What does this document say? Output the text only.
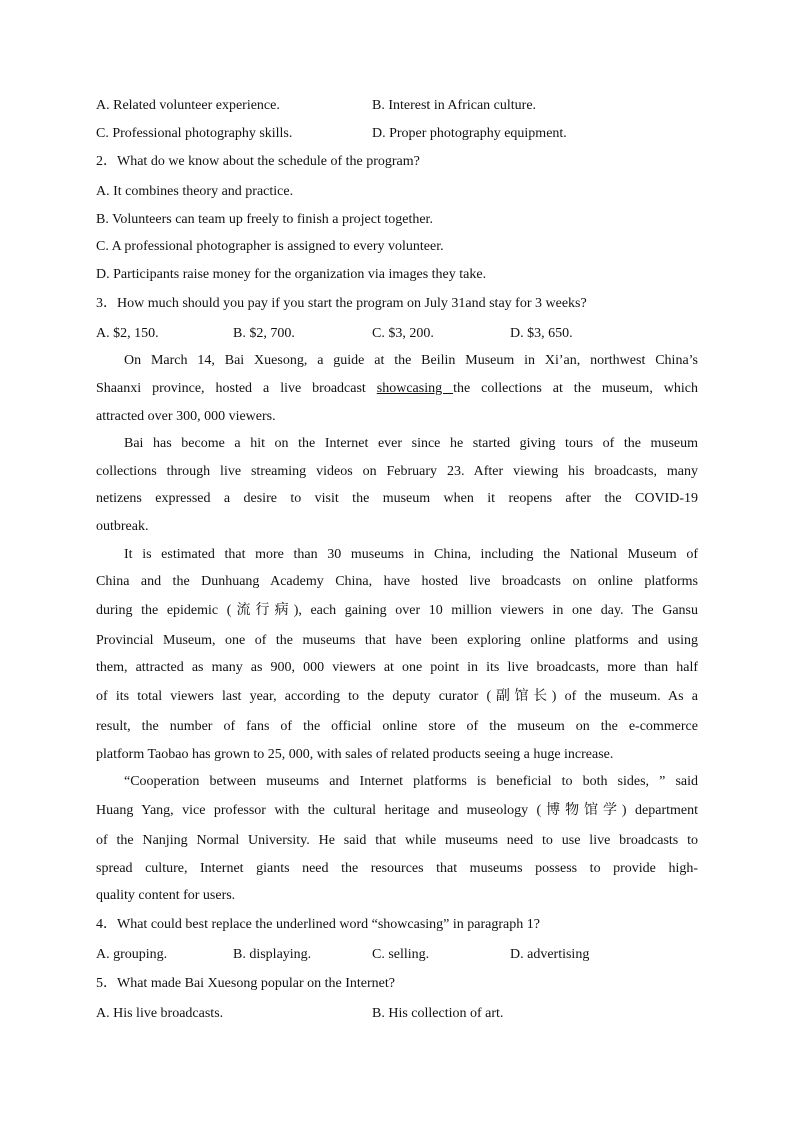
A. Related volunteer experience.	B. Interest in African culture.
C. Professional photography skills.	D. Proper photography equipment.
2．What do we know about the schedule of the program?
A. It combines theory and practice.
B. Volunteers can team up freely to finish a project together.
C. A professional photographer is assigned to every volunteer.
D. Participants raise money for the organization via images they take.
3．How much should you pay if you start the program on July 31and stay for 3 weeks?
A. $2, 150.	B. $2, 700.	C. $3, 200.	D. $3, 650.
On March 14, Bai Xuesong, a guide at the Beilin Museum in Xi’an, northwest China’s
Shaanxi province, hosted a live broadcast showcasing the collections at the museum, which
attracted over 300, 000 viewers.
Bai has become a hit on the Internet ever since he started giving tours of the museum
collections through live streaming videos on February 23. After viewing his broadcasts, many
netizens expressed a desire to visit the museum when it reopens after the COVID-19
outbreak.
It is estimated that more than 30 museums in China, including the National Museum of
China and the Dunhuang Academy China, have hosted live broadcasts on online platforms
during the epidemic (流行病), each gaining over 10 million viewers in one day. The Gansu
Provincial Museum, one of the museums that have been exploring online platforms and using
them, attracted as many as 900, 000 viewers at one point in its live broadcasts, more than half
of its total viewers last year, according to the deputy curator (副馆长) of the museum. As a
result, the number of fans of the official online store of the museum on the e-commerce
platform Taobao has grown to 25, 000, with sales of related products seeing a huge increase.
“Cooperation between museums and Internet platforms is beneficial to both sides, ” said
Huang Yang, vice professor with the cultural heritage and museology (博物馆学) department
of the Nanjing Normal University. He said that while museums need to use live broadcasts to
spread culture, Internet giants need the resources that museums possess to provide high-
quality content for users.
4．What could best replace the underlined word “showcasing” in paragraph 1?
A. grouping.	B. displaying.	C. selling.	D. advertising
5．What made Bai Xuesong popular on the Internet?
A. His live broadcasts.	B. His collection of art.
